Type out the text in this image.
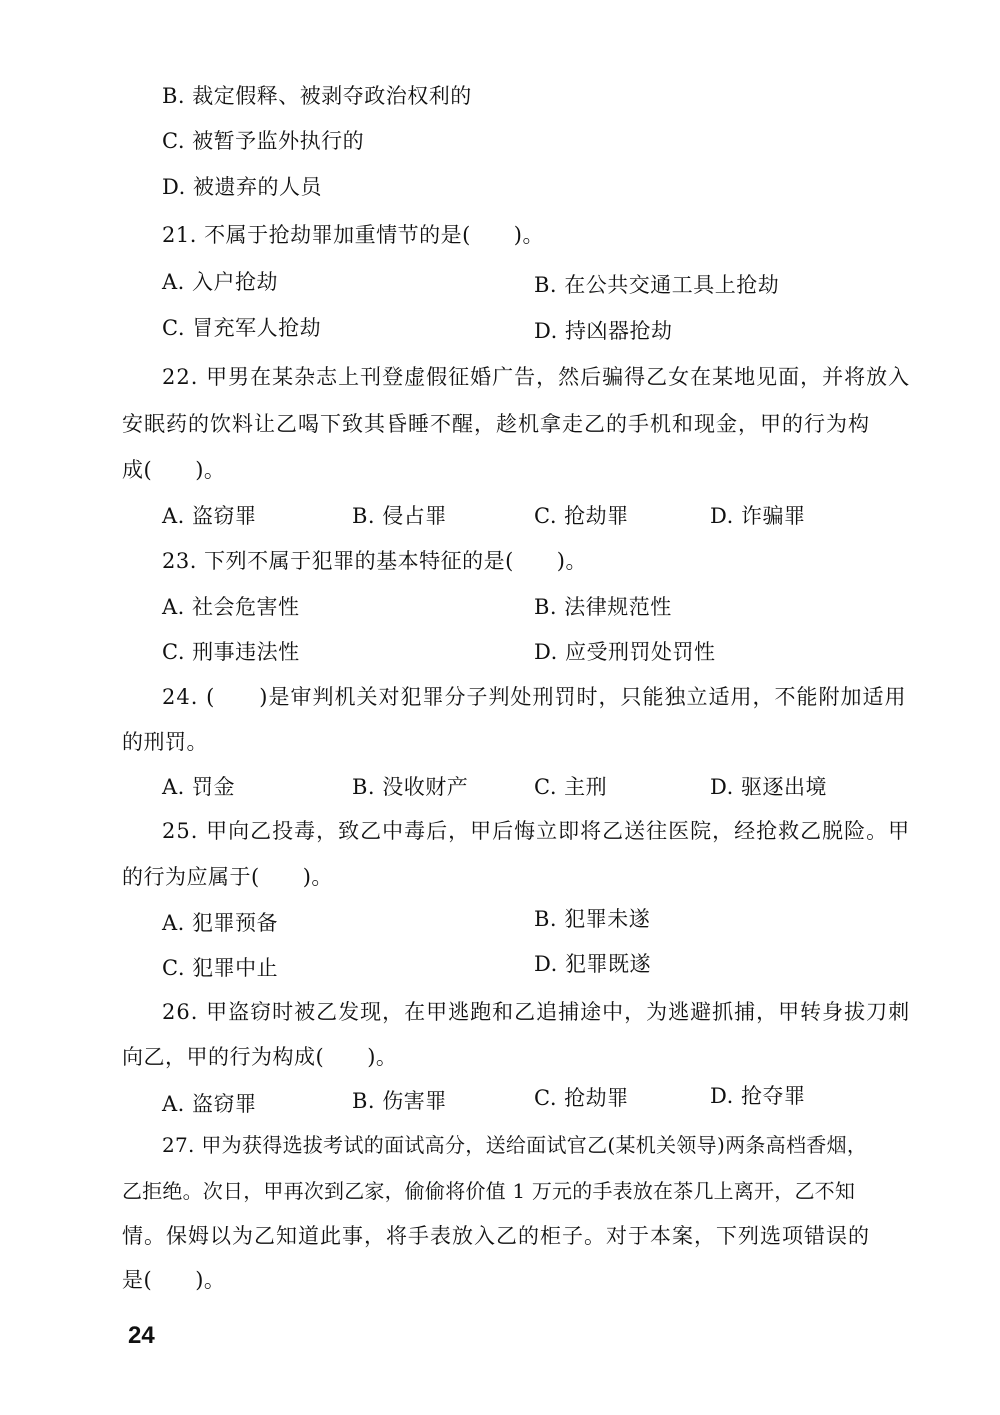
B. 裁定假释、被剥夺政治权利的
C. 被暂予监外执行的
D. 被遗弃的人员
21. 不属于抢劫罪加重情节的是(　　)。
A. 入户抢劫	B. 在公共交通工具上抢劫
C. 冒充军人抢劫	D. 持凶器抢劫
22. 甲男在某杂志上刊登虚假征婚广告，然后骗得乙女在某地见面，并将放入
安眠药的饮料让乙喝下致其昏睡不醒，趁机拿走乙的手机和现金，甲的行为构
成(　　)。
A. 盗窃罪	B. 侵占罪	C. 抢劫罪	D. 诈骗罪
23. 下列不属于犯罪的基本特征的是(　　)。
A. 社会危害性	B. 法律规范性
C. 刑事违法性	D. 应受刑罚处罚性
24. (　　)是审判机关对犯罪分子判处刑罚时，只能独立适用，不能附加适用
的刑罚。
A. 罚金	B. 没收财产	C. 主刑	D. 驱逐出境
25. 甲向乙投毒，致乙中毒后，甲后悔立即将乙送往医院，经抢救乙脱险。甲
的行为应属于(　　)。
A. 犯罪预备	B. 犯罪未遂
C. 犯罪中止	D. 犯罪既遂
26. 甲盗窃时被乙发现，在甲逃跑和乙追捕途中，为逃避抓捕，甲转身拔刀刺
向乙，甲的行为构成(　　)。
A. 盗窃罪	B. 伤害罪	C. 抢劫罪	D. 抢夺罪
27. 甲为获得选拔考试的面试高分，送给面试官乙(某机关领导)两条高档香烟，
乙拒绝。次日，甲再次到乙家，偷偷将价值 1 万元的手表放在茶几上离开，乙不知
情。保姆以为乙知道此事，将手表放入乙的柜子。对于本案，下列选项错误的
是(　　)。
24
